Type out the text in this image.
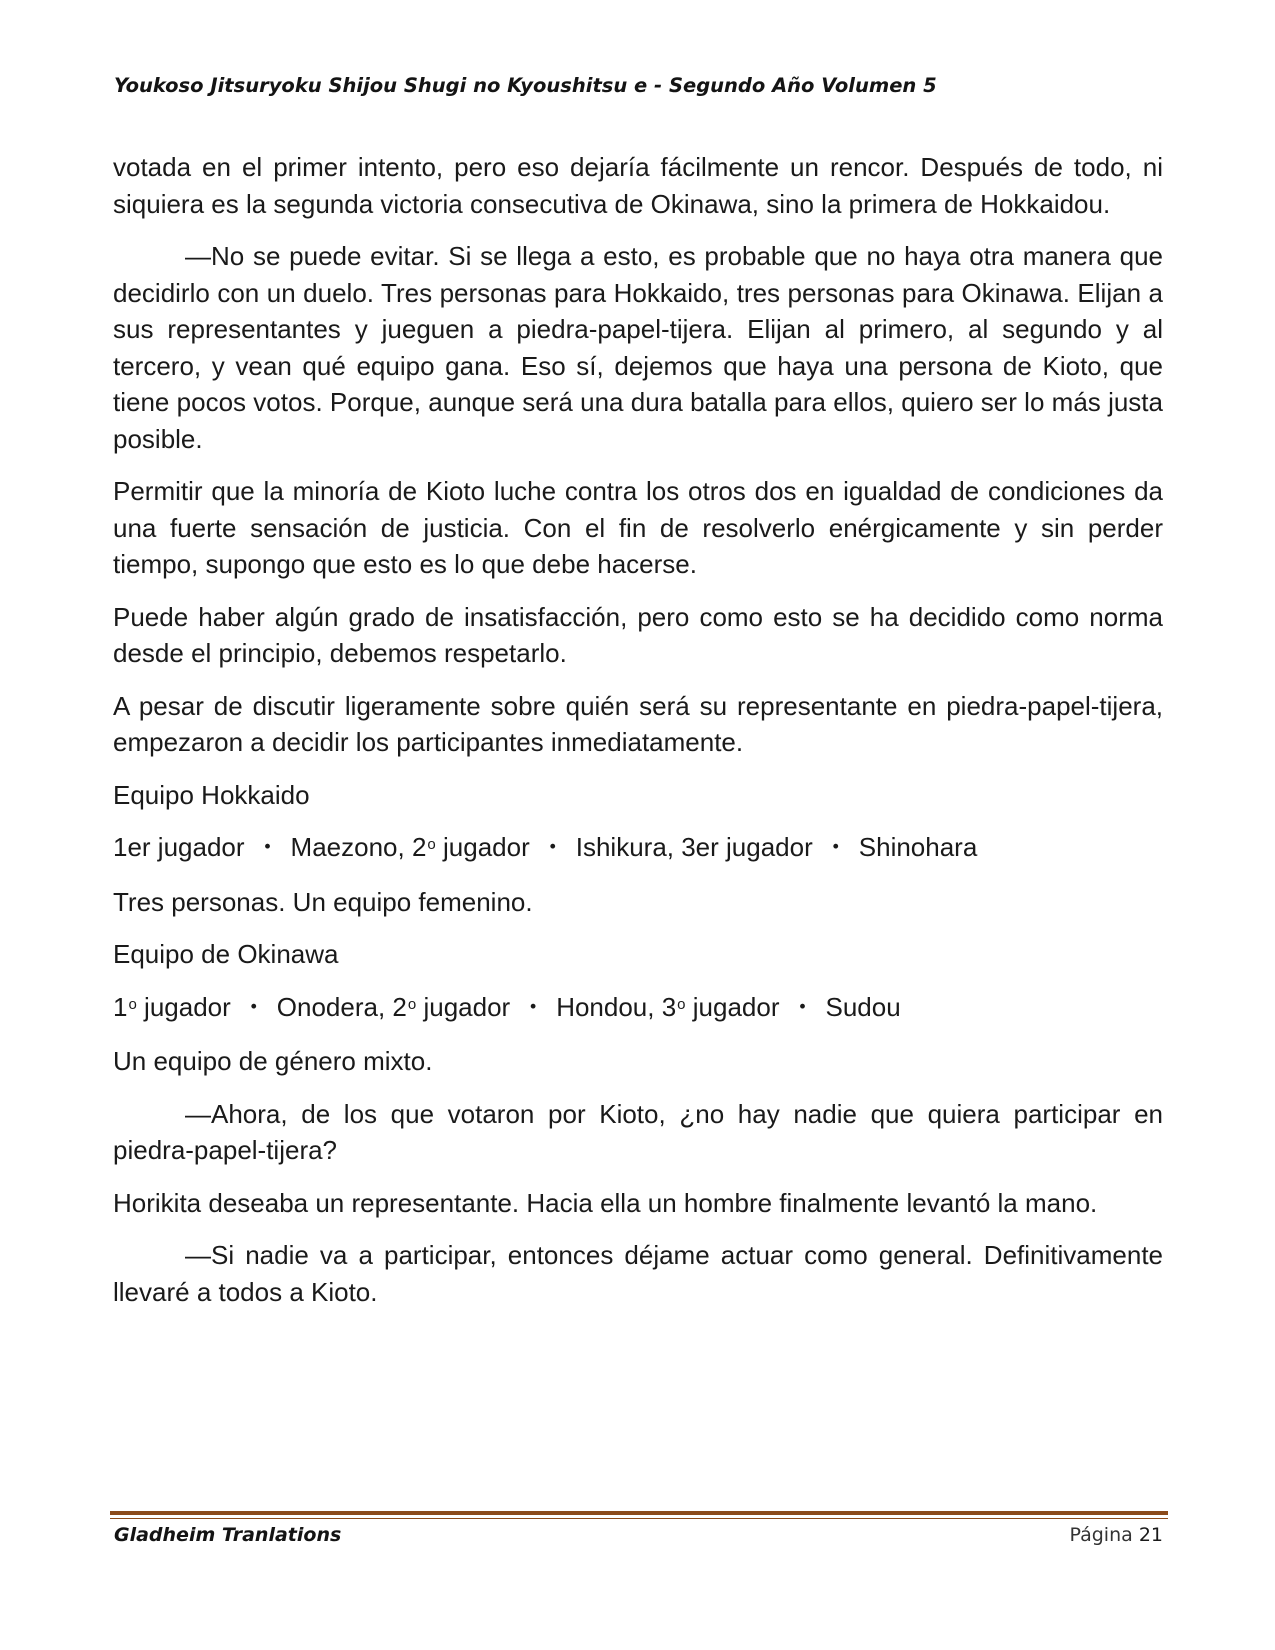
Youkoso Jitsuryoku Shijou Shugi no Kyoushitsu e - Segundo Año Volumen 5

votada en el primer intento, pero eso dejaría fácilmente un rencor. Después de todo, ni siquiera es la segunda victoria consecutiva de Okinawa, sino la primera de Hokkaidou.

—No se puede evitar. Si se llega a esto, es probable que no haya otra manera que decidirlo con un duelo. Tres personas para Hokkaido, tres personas para Okinawa. Elijan a sus representantes y jueguen a piedra-papel-tijera. Elijan al primero, al segundo y al tercero, y vean qué equipo gana. Eso sí, dejemos que haya una persona de Kioto, que tiene pocos votos. Porque, aunque será una dura batalla para ellos, quiero ser lo más justa posible.

Permitir que la minoría de Kioto luche contra los otros dos en igualdad de condiciones da una fuerte sensación de justicia. Con el fin de resolverlo enérgicamente y sin perder tiempo, supongo que esto es lo que debe hacerse.

Puede haber algún grado de insatisfacción, pero como esto se ha decidido como norma desde el principio, debemos respetarlo.

A pesar de discutir ligeramente sobre quién será su representante en piedra-papel-tijera, empezaron a decidir los participantes inmediatamente.

Equipo Hokkaido

1er jugador ・ Maezono, 2$^o$ jugador ・ Ishikura, 3er jugador ・ Shinohara

Tres personas. Un equipo femenino.

Equipo de Okinawa

1$^o$ jugador ・ Onodera, 2$^o$ jugador ・ Hondou, 3$^o$ jugador ・ Sudou

Un equipo de género mixto.

—Ahora, de los que votaron por Kioto, ¿no hay nadie que quiera participar en piedra-papel-tijera?

Horikita deseaba un representante. Hacia ella un hombre finalmente levantó la mano.

—Si nadie va a participar, entonces déjame actuar como general. Definitivamente llevaré a todos a Kioto.

Gladheim Tranlations	Página 21
